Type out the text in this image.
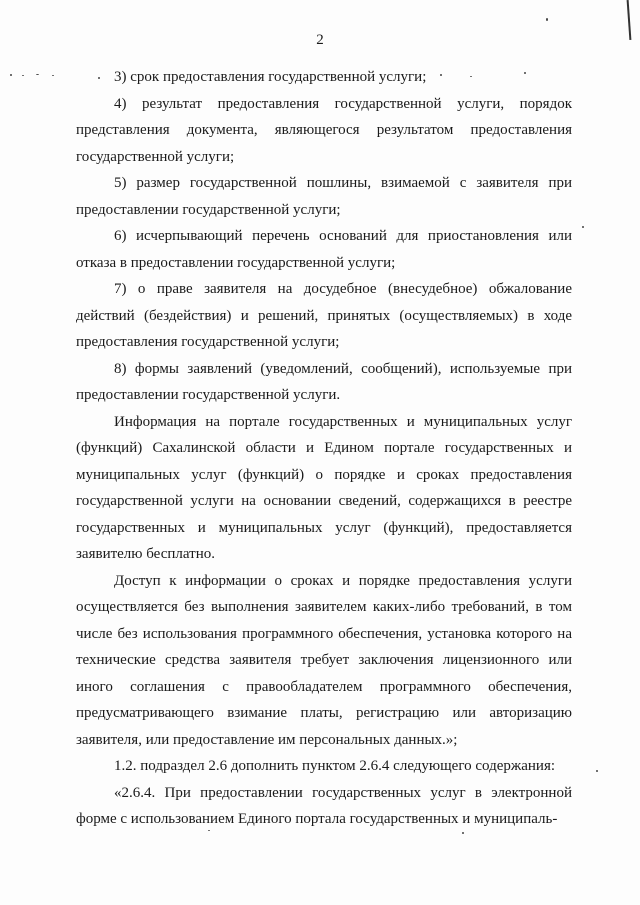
2

3) срок предоставления государственной услуги;

4) результат предоставления государственной услуги, порядок представления документа, являющегося результатом предоставления государственной услуги;

5) размер государственной пошлины, взимаемой с заявителя при предоставлении государственной услуги;

6) исчерпывающий перечень оснований для приостановления или отказа в предоставлении государственной услуги;

7) о праве заявителя на досудебное (внесудебное) обжалование действий (бездействия) и решений, принятых (осуществляемых) в ходе предоставления государственной услуги;

8) формы заявлений (уведомлений, сообщений), используемые при предоставлении государственной услуги.

Информация на портале государственных и муниципальных услуг (функций) Сахалинской области и Едином портале государственных и муниципальных услуг (функций) о порядке и сроках предоставления государственной услуги на основании сведений, содержащихся в реестре государственных и муниципальных услуг (функций), предоставляется заявителю бесплатно.

Доступ к информации о сроках и порядке предоставления услуги осуществляется без выполнения заявителем каких-либо требований, в том числе без использования программного обеспечения, установка которого на технические средства заявителя требует заключения лицензионного или иного соглашения с правообладателем программного обеспечения, предусматривающего взимание платы, регистрацию или авторизацию заявителя, или предоставление им персональных данных.»;

1.2. подраздел 2.6 дополнить пунктом 2.6.4 следующего содержания:

«2.6.4. При предоставлении государственных услуг в электронной форме с использованием Единого портала государственных и муниципаль-
